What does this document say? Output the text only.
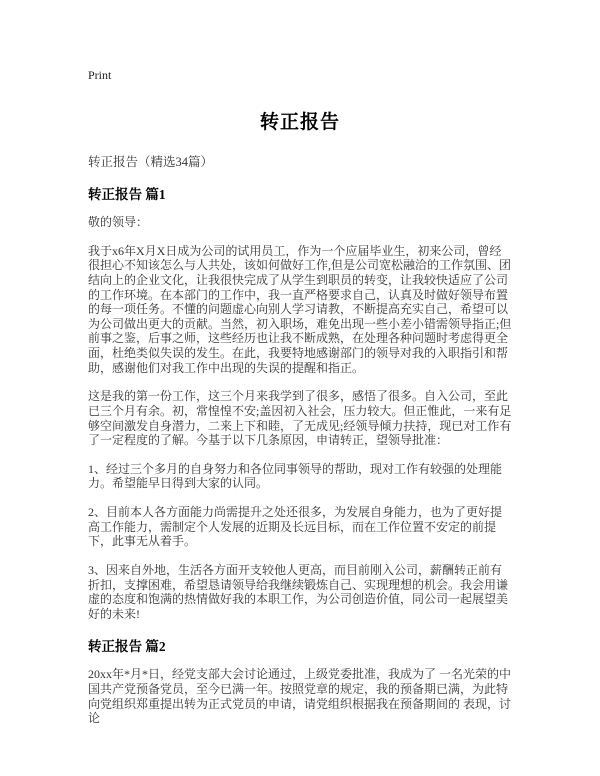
Print
转正报告
转正报告（精选34篇）
转正报告 篇1

敬的领导：

我于x6年X月X日成为公司的试用员工，作为一个应届毕业生，初来公司，曾经很担心不知该怎么与人共处，该如何做好工作,但是公司宽松融洽的工作氛围、团结向上的企业文化，让我很快完成了从学生到职员的转变，让我较快适应了公司的工作环境。在本部门的工作中，我一直严格要求自己，认真及时做好领导布置的每一项任务。不懂的问题虚心向别人学习请教，不断提高充实自己，希望可以为公司做出更大的贡献。当然，初入职场，难免出现一些小差小错需领导指正;但前事之鉴，后事之师，这些经历也让我不断成熟，在处理各种问题时考虑得更全面，杜绝类似失误的发生。在此，我要特地感谢部门的领导对我的入职指引和帮助，感谢他们对我工作中出现的失误的提醒和指正。

这是我的第一份工作，这三个月来我学到了很多，感悟了很多。自入公司，至此已三个月有余。初，常惶惶不安;盖因初入社会，压力较大。但正惟此，一来有足够空间激发自身潜力，二来上下和睦，了无成见;经领导倾力扶持，现已对工作有了一定程度的了解。今基于以下几条原因，申请转正，望领导批准：

1、经过三个多月的自身努力和各位同事领导的帮助，现对工作有较强的处理能力。希望能早日得到大家的认同。

2、目前本人各方面能力尚需提升之处还很多，为发展自身能力，也为了更好提高工作能力，需制定个人发展的近期及长远目标，而在工作位置不安定的前提下，此事无从着手。

3、因来自外地，生活各方面开支较他人更高，而目前刚入公司，薪酬转正前有折扣，支撑困难，希望恳请领导给我继续锻炼自己、实现理想的机会。我会用谦虚的态度和饱满的热情做好我的本职工作，为公司创造价值，同公司一起展望美好的未来!

转正报告 篇2

20xx年*月*日，经党支部大会讨论通过，上级党委批准，我成为了 一名光荣的中国共产党预备党员，至今已满一年。按照党章的规定，我的预备期已满，为此特向党组织郑重提出转为正式党员的申请，请党组织根据我在预备期间的 表现，讨论
